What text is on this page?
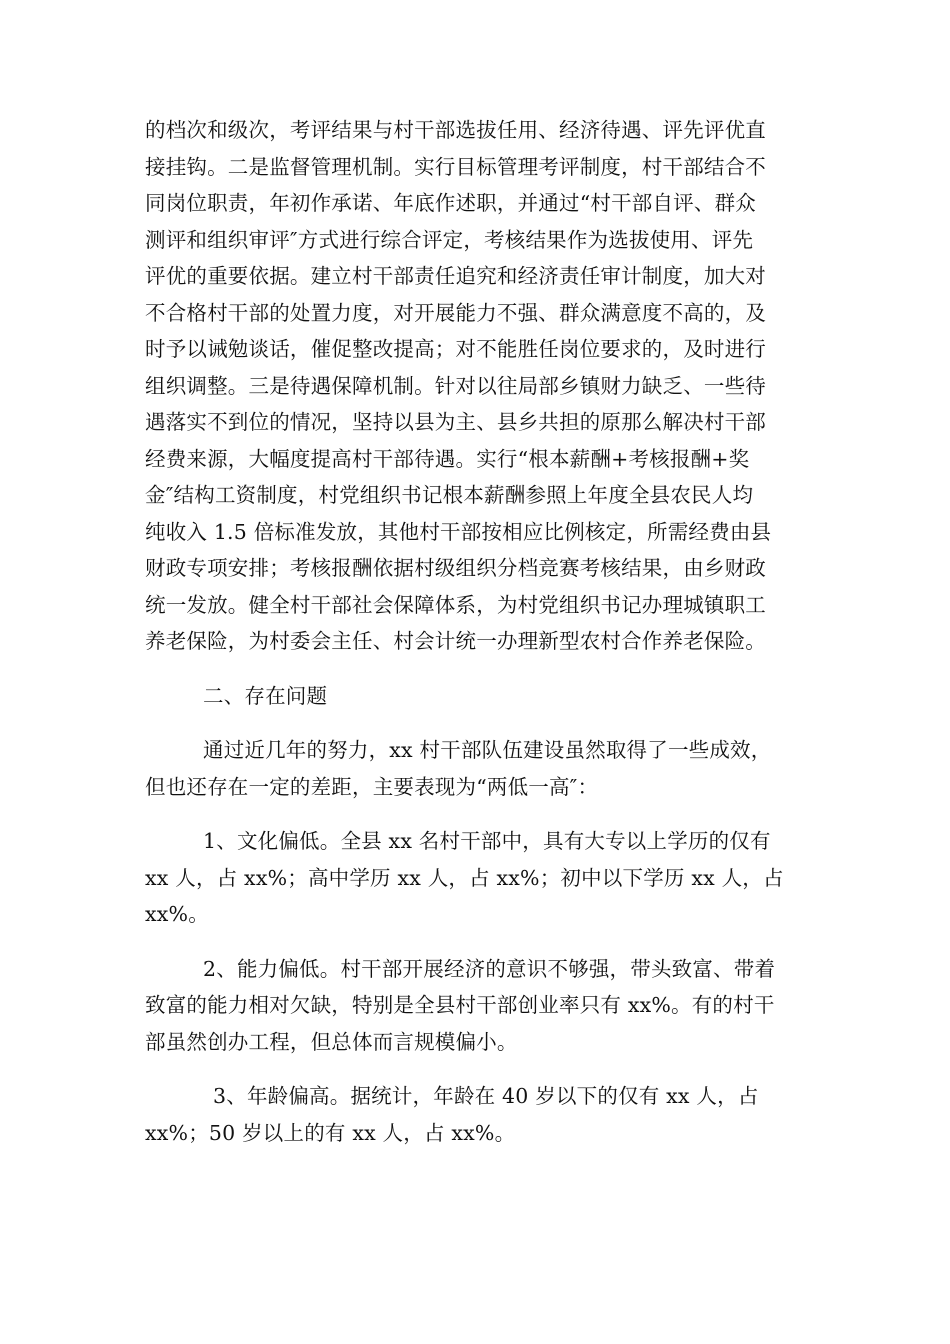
的档次和级次，考评结果与村干部选拔任用、经济待遇、评先评优直
接挂钩。二是监督管理机制。实行目标管理考评制度，村干部结合不
同岗位职责，年初作承诺、年底作述职，并通过“村干部自评、群众
测评和组织审评″方式进行综合评定，考核结果作为选拔使用、评先
评优的重要依据。建立村干部责任追究和经济责任审计制度，加大对
不合格村干部的处置力度，对开展能力不强、群众满意度不高的，及
时予以诫勉谈话，催促整改提高；对不能胜任岗位要求的，及时进行
组织调整。三是待遇保障机制。针对以往局部乡镇财力缺乏、一些待
遇落实不到位的情况，坚持以县为主、县乡共担的原那么解决村干部
经费来源，大幅度提高村干部待遇。实行“根本薪酬+考核报酬+奖
金″结构工资制度，村党组织书记根本薪酬参照上年度全县农民人均
纯收入 1.5 倍标准发放，其他村干部按相应比例核定，所需经费由县
财政专项安排；考核报酬依据村级组织分档竞赛考核结果，由乡财政
统一发放。健全村干部社会保障体系，为村党组织书记办理城镇职工
养老保险，为村委会主任、村会计统一办理新型农村合作养老保险。

二、存在问题

通过近几年的努力，xx 村干部队伍建设虽然取得了一些成效，
但也还存在一定的差距，主要表现为“两低一高″：

1、文化偏低。全县 xx 名村干部中，具有大专以上学历的仅有
xx 人，占 xx%；高中学历 xx 人，占 xx%；初中以下学历 xx 人，占
xx%。

2、能力偏低。村干部开展经济的意识不够强，带头致富、带着
致富的能力相对欠缺，特别是全县村干部创业率只有 xx%。有的村干
部虽然创办工程，但总体而言规模偏小。

3、年龄偏高。据统计，年龄在 40 岁以下的仅有 xx 人，占
xx%；50 岁以上的有 xx 人，占 xx%。
